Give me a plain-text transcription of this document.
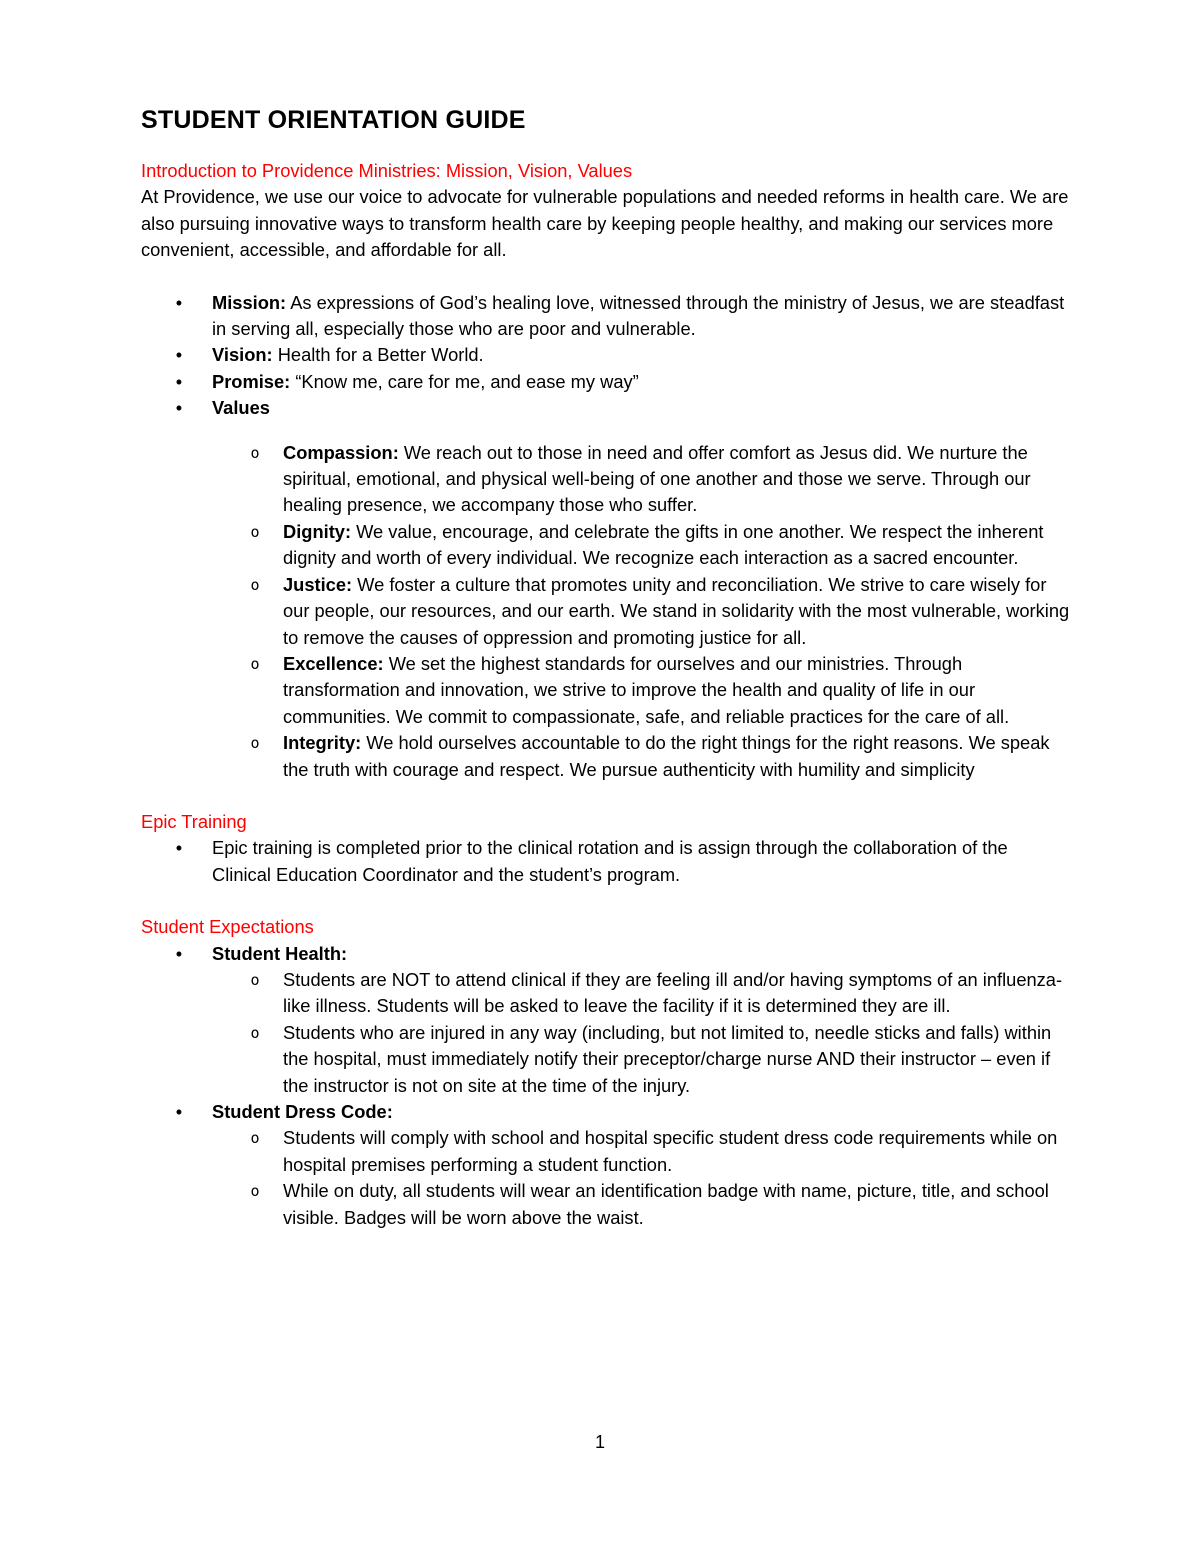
STUDENT ORIENTATION GUIDE
Introduction to Providence Ministries: Mission, Vision, Values
At Providence, we use our voice to advocate for vulnerable populations and needed reforms in health care. We are also pursuing innovative ways to transform health care by keeping people healthy, and making our services more convenient, accessible, and affordable for all.
• Mission: As expressions of God’s healing love, witnessed through the ministry of Jesus, we are steadfast in serving all, especially those who are poor and vulnerable.
• Vision: Health for a Better World.
• Promise: “Know me, care for me, and ease my way”
• Values
o Compassion: We reach out to those in need and offer comfort as Jesus did. We nurture the spiritual, emotional, and physical well-being of one another and those we serve. Through our healing presence, we accompany those who suffer.
o Dignity: We value, encourage, and celebrate the gifts in one another. We respect the inherent dignity and worth of every individual. We recognize each interaction as a sacred encounter.
o Justice: We foster a culture that promotes unity and reconciliation. We strive to care wisely for our people, our resources, and our earth. We stand in solidarity with the most vulnerable, working to remove the causes of oppression and promoting justice for all.
o Excellence: We set the highest standards for ourselves and our ministries. Through transformation and innovation, we strive to improve the health and quality of life in our communities. We commit to compassionate, safe, and reliable practices for the care of all.
o Integrity: We hold ourselves accountable to do the right things for the right reasons. We speak the truth with courage and respect. We pursue authenticity with humility and simplicity
Epic Training
• Epic training is completed prior to the clinical rotation and is assign through the collaboration of the Clinical Education Coordinator and the student’s program.
Student Expectations
• Student Health:
o Students are NOT to attend clinical if they are feeling ill and/or having symptoms of an influenza-like illness. Students will be asked to leave the facility if it is determined they are ill.
o Students who are injured in any way (including, but not limited to, needle sticks and falls) within the hospital, must immediately notify their preceptor/charge nurse AND their instructor – even if the instructor is not on site at the time of the injury.
• Student Dress Code:
o Students will comply with school and hospital specific student dress code requirements while on hospital premises performing a student function.
o While on duty, all students will wear an identification badge with name, picture, title, and school visible. Badges will be worn above the waist.
1
